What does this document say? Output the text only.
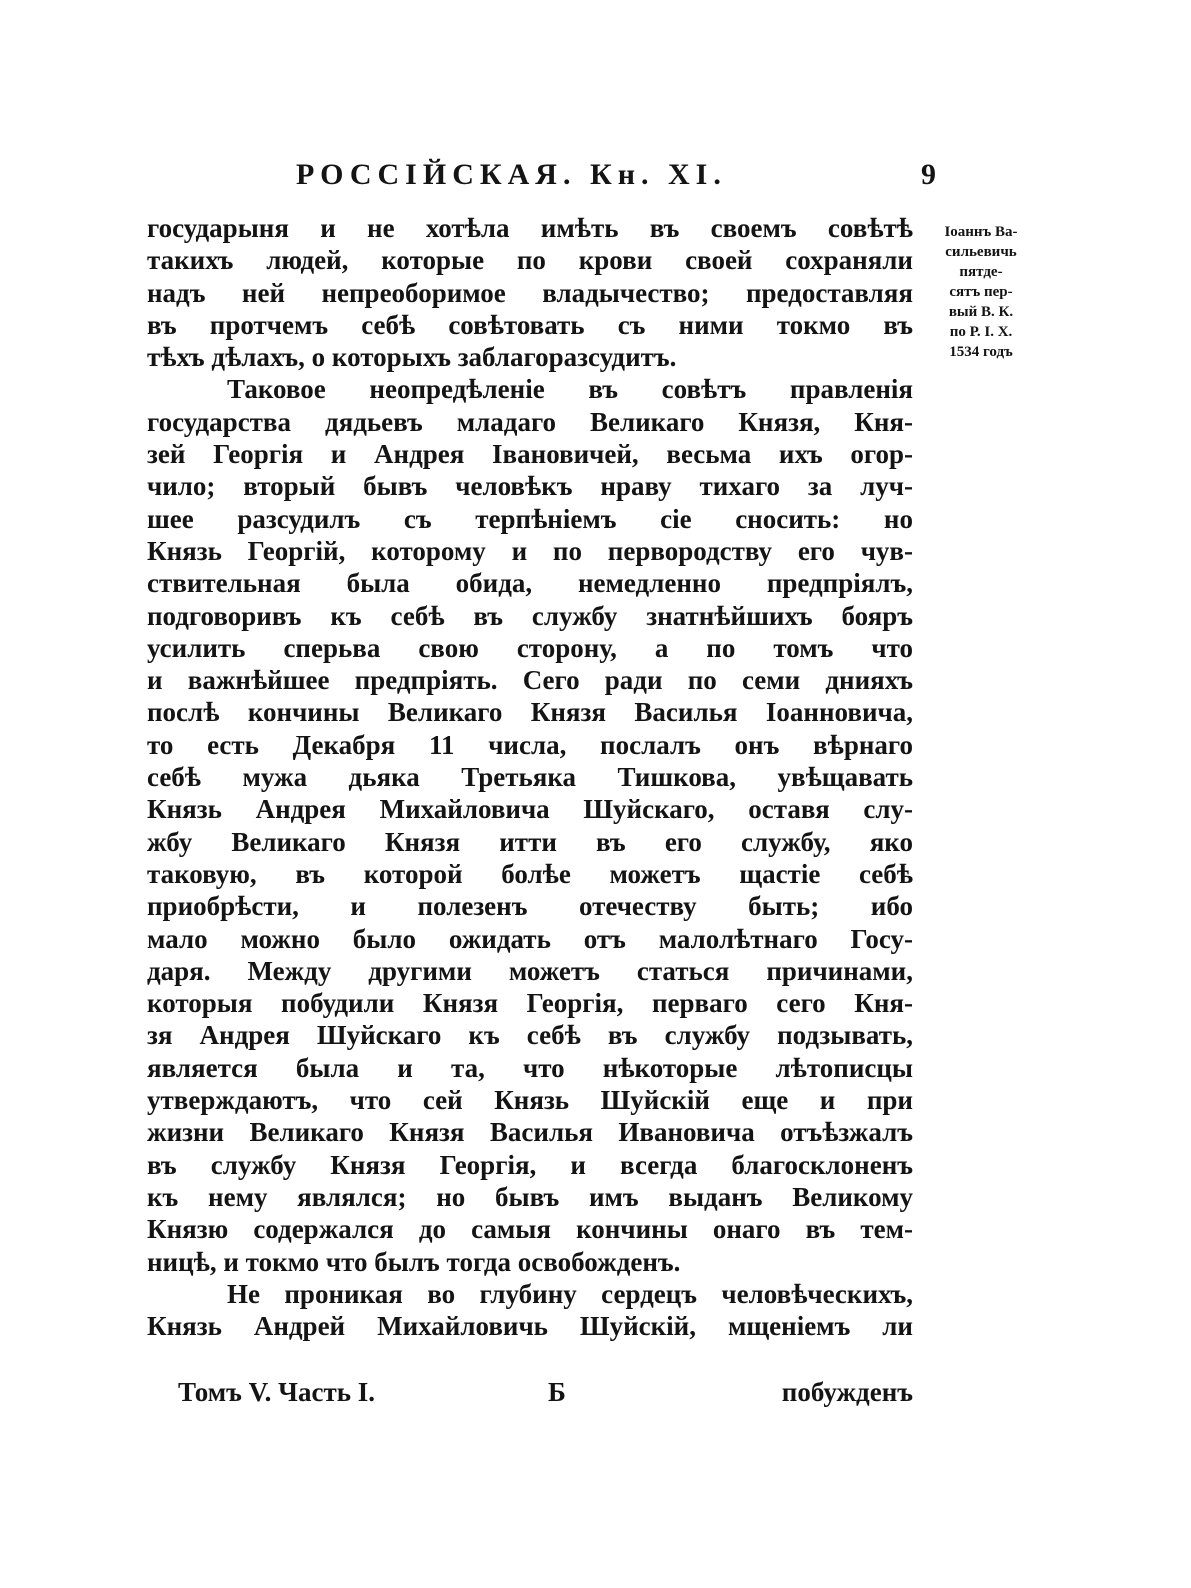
РОССІЙСКАЯ. Кн. XI.	9
государыня и не хотѣла имѣть въ своемъ совѣтѣ
такихъ людей, которые по крови своей сохраняли
надъ ней непреоборимое владычество; предоставляя
въ протчемъ себѣ совѣтовать съ ними токмо въ
тѣхъ дѣлахъ, о которыхъ заблагоразсудитъ.
Таковое неопредѣленіе въ совѣтъ правленія
государства дядьевъ младаго Великаго Князя, Кня-
зей Георгія и Андрея Івановичей, весьма ихъ огор-
чило; вторый бывъ человѣкъ нраву тихаго за луч-
шее разсудилъ съ терпѣніемъ сіе сносить: но
Князь Георгій, которому и по первородству его чув-
ствительная была обида, немедленно предпріялъ,
подговоривъ къ себѣ въ службу знатнѣйшихъ бояръ
усилить сперьва свою сторону, а по томъ что
и важнѣйшее предпріять. Сего ради по семи днияхъ
послѣ кончины Великаго Князя Василья Іоанновича,
то есть Декабря 11 числа, послалъ онъ вѣрнаго
себѣ мужа дьяка Третьяка Тишкова, увѣщавать
Князь Андрея Михайловича Шуйскаго, оставя слу-
жбу Великаго Князя итти въ его службу, яко
таковую, въ которой болѣе можетъ щастіе себѣ
приобрѣсти, и полезенъ отечеству быть; ибо
мало можно было ожидать отъ малолѣтнаго Госу-
даря. Между другими можетъ статься причинами,
которыя побудили Князя Георгія, перваго сего Кня-
зя Андрея Шуйскаго къ себѣ въ службу подзывать,
является была и та, что нѣкоторые лѣтописцы
утверждаютъ, что сей Князь Шуйскій еще и при
жизни Великаго Князя Василья Ивановича отъѣзжалъ
въ службу Князя Георгія, и всегда благосклоненъ
къ нему являлся; но бывъ имъ выданъ Великому
Князю содержался до самыя кончины онаго въ тем-
ницѣ, и токмо что былъ тогда освобожденъ.
Не проникая во глубину сердецъ человѣческихъ,
Князь Андрей Михайловичь Шуйскій, мщеніемъ ли
Іоаннъ Ва-
сильевичь
пятде-
сятъ пер-
вый В. К.
по Р. І. Х.
1534 годъ
Томъ V. Часть I.	Б	побужденъ
